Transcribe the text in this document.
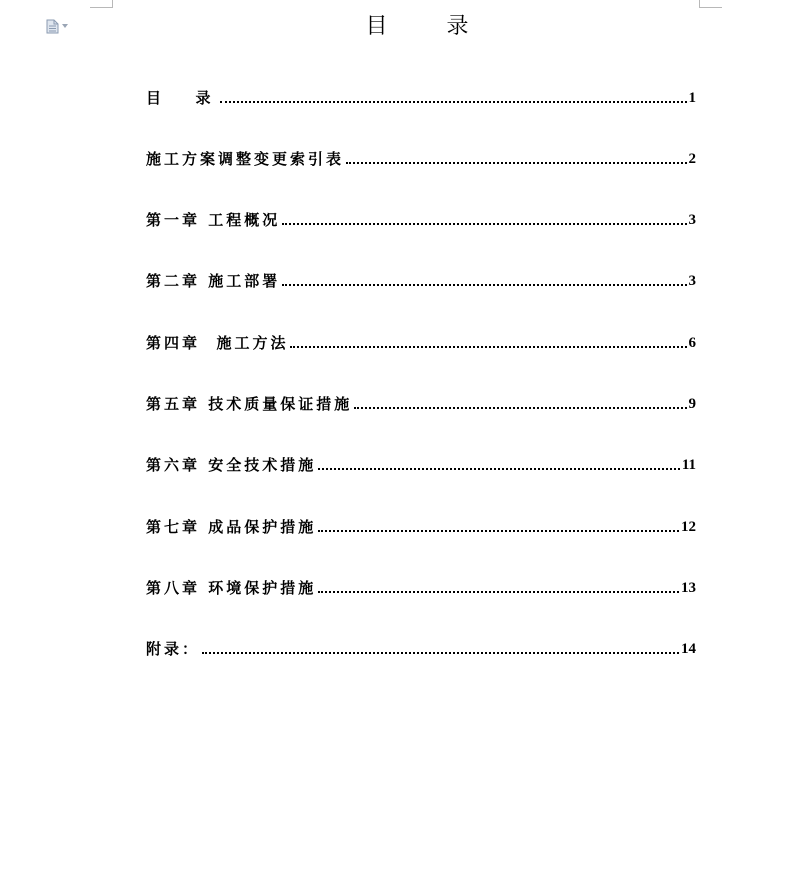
目 录
目  录	1
施工方案调整变更索引表	2
第一章 工程概况	3
第二章 施工部署	3
第四章  施工方法	6
第五章 技术质量保证措施	9
第六章 安全技术措施	11
第七章 成品保护措施	12
第八章 环境保护措施	13
附录：	14
